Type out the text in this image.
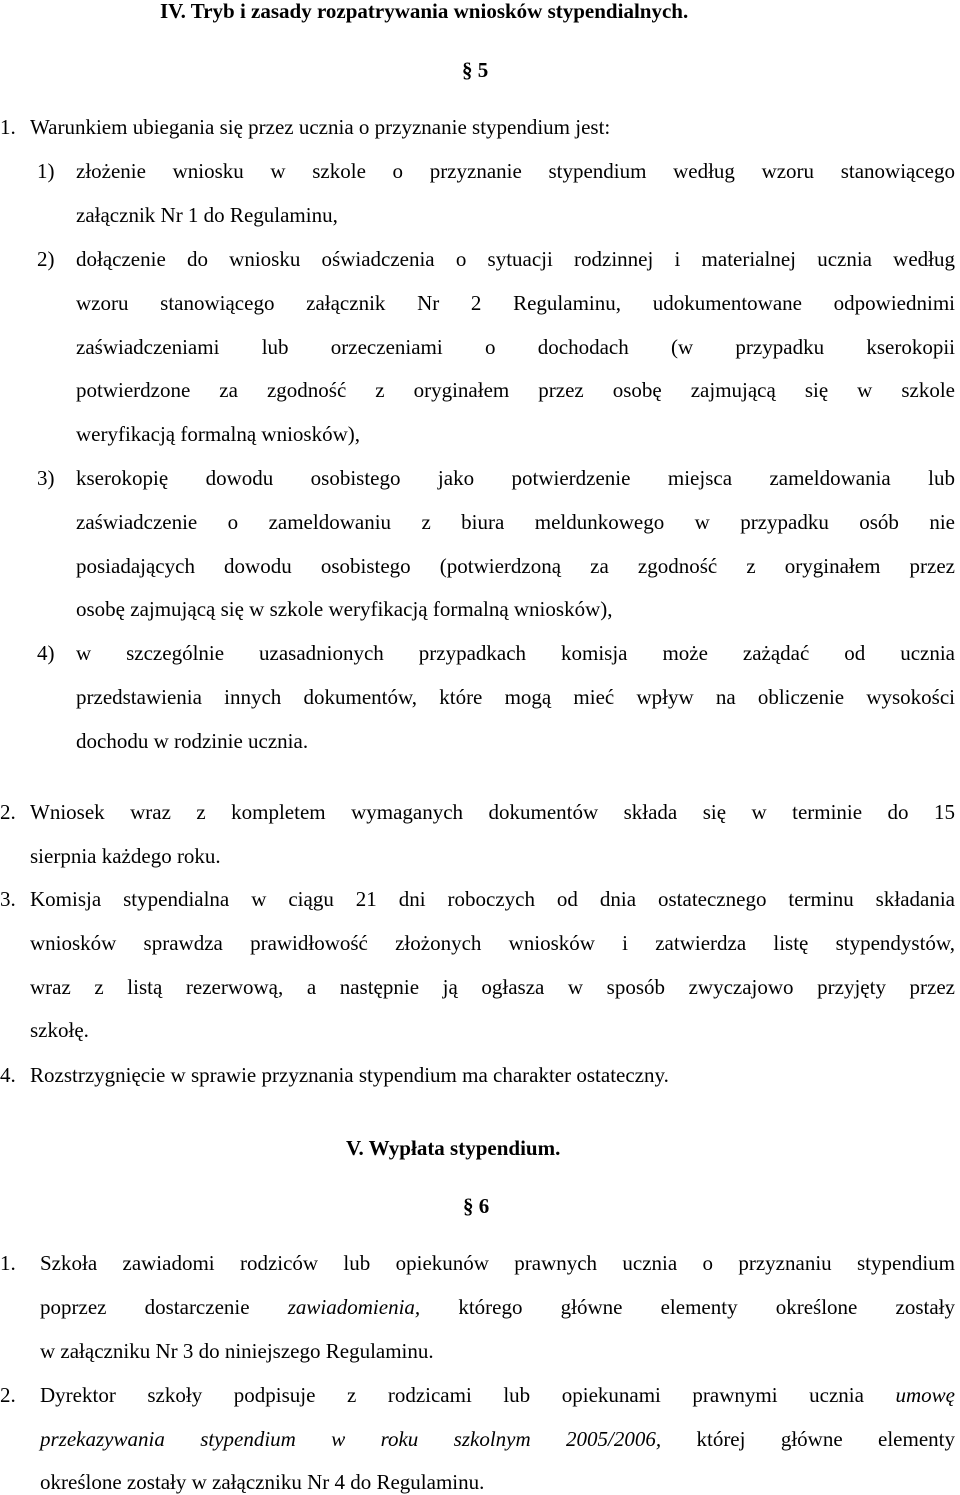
IV. Tryb i zasady rozpatrywania wniosków stypendialnych.
§ 5
1. Warunkiem ubiegania się przez ucznia o przyznanie stypendium jest:
1) złożenie wniosku w szkole o przyznanie stypendium według wzoru stanowiącego
załącznik Nr 1 do Regulaminu,
2) dołączenie do wniosku oświadczenia o sytuacji rodzinnej i materialnej ucznia według
wzoru stanowiącego załącznik Nr 2 Regulaminu, udokumentowane odpowiednimi
zaświadczeniami lub orzeczeniami o dochodach (w przypadku kserokopii
potwierdzone za zgodność z oryginałem przez osobę zajmującą się w szkole
weryfikacją formalną wniosków),
3) kserokopię dowodu osobistego jako potwierdzenie miejsca zameldowania lub
zaświadczenie o zameldowaniu z biura meldunkowego w przypadku osób nie
posiadających dowodu osobistego (potwierdzoną za zgodność z oryginałem przez
osobę zajmującą się w szkole weryfikacją formalną wniosków),
4) w szczególnie uzasadnionych przypadkach komisja może zażądać od ucznia
przedstawienia innych dokumentów, które mogą mieć wpływ na obliczenie wysokości
dochodu w rodzinie ucznia.
2. Wniosek wraz z kompletem wymaganych dokumentów składa się w terminie do 15
sierpnia każdego roku.
3. Komisja stypendialna w ciągu 21 dni roboczych od dnia ostatecznego terminu składania
wniosków sprawdza prawidłowość złożonych wniosków i zatwierdza listę stypendystów,
wraz z listą rezerwową, a następnie ją ogłasza w sposób zwyczajowo przyjęty przez
szkołę.
4. Rozstrzygnięcie w sprawie przyznania stypendium ma charakter ostateczny.
V. Wypłata stypendium.
§ 6
1. Szkoła zawiadomi rodziców lub opiekunów prawnych ucznia o przyznaniu stypendium
poprzez dostarczenie zawiadomienia, którego główne elementy określone zostały
w załączniku Nr 3 do niniejszego Regulaminu.
2. Dyrektor szkoły podpisuje z rodzicami lub opiekunami prawnymi ucznia umowę
przekazywania stypendium w roku szkolnym 2005/2006, której główne elementy
określone zostały w załączniku Nr 4 do Regulaminu.
